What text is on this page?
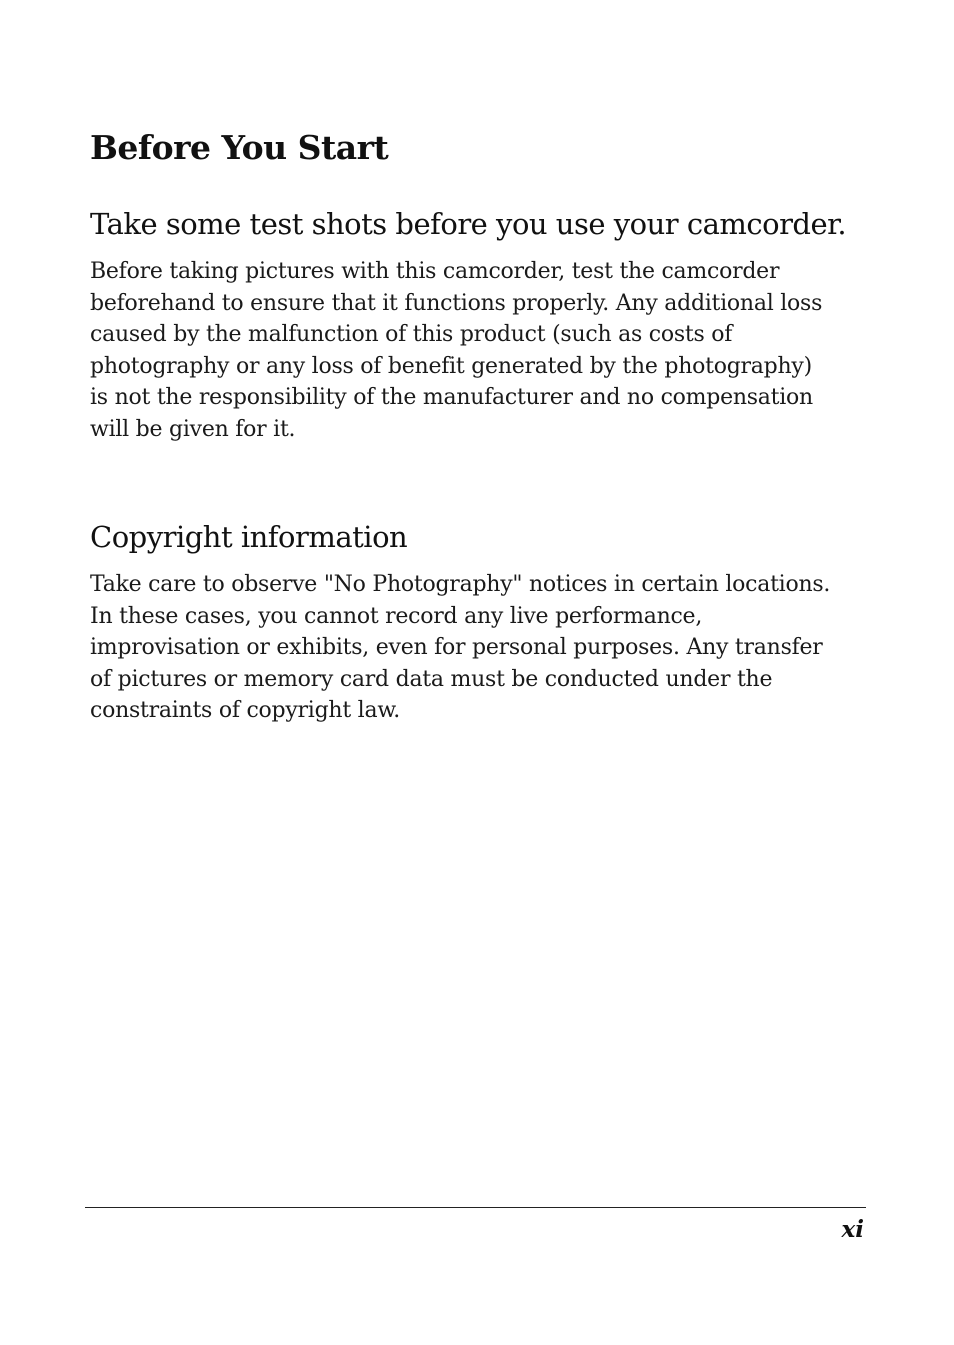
Before You Start
Take some test shots before you use your camcorder.

Before taking pictures with this camcorder, test the camcorder
beforehand to ensure that it functions properly. Any additional loss
caused by the malfunction of this product (such as costs of
photography or any loss of benefit generated by the photography)
is not the responsibility of the manufacturer and no compensation
will be given for it.

Copyright information

Take care to observe "No Photography" notices in certain locations.
In these cases, you cannot record any live performance,
improvisation or exhibits, even for personal purposes. Any transfer
of pictures or memory card data must be conducted under the
constraints of copyright law.

xi
